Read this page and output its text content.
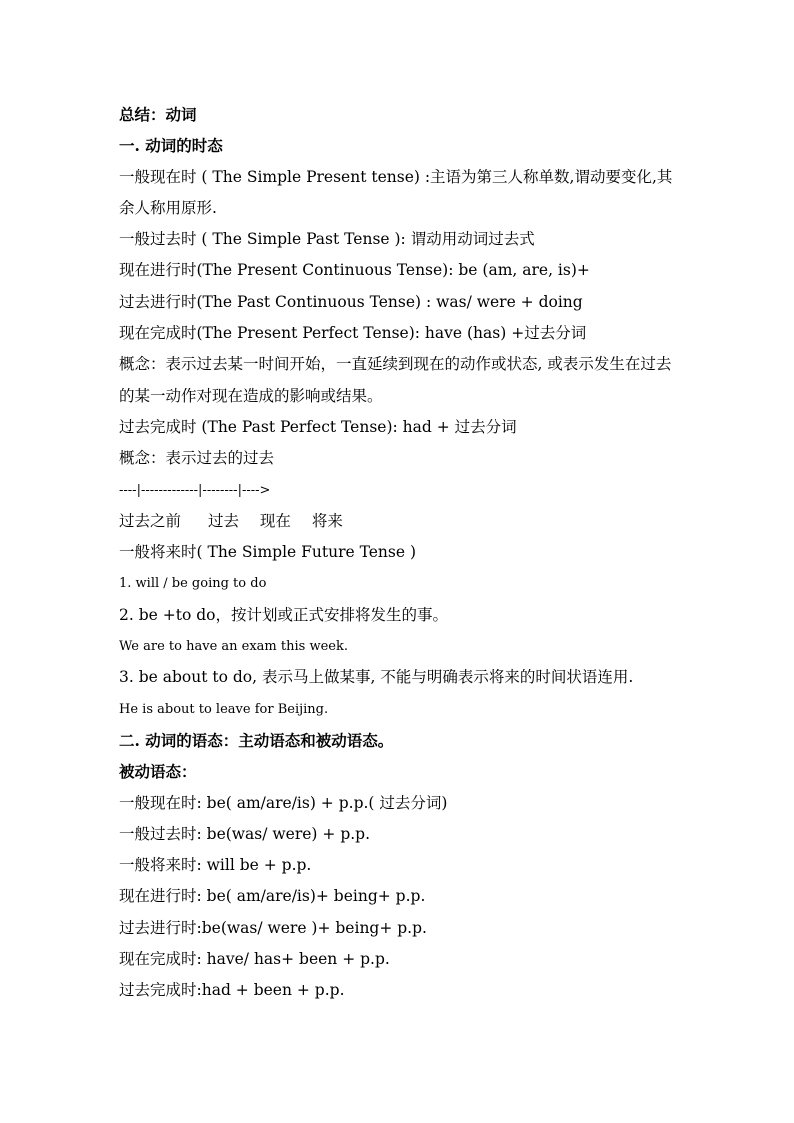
总结：动词
一. 动词的时态
一般现在时 ( The Simple Present tense) :主语为第三人称单数,谓动要变化,其余人称用原形.
一般过去时 ( The Simple Past Tense ): 谓动用动词过去式
现在进行时(The Present Continuous Tense): be (am, are, is)+
过去进行时(The Past Continuous Tense) : was/ were + doing
现在完成时(The Present Perfect Tense): have (has) +过去分词
概念：表示过去某一时间开始，一直延续到现在的动作或状态, 或表示发生在过去的某一动作对现在造成的影响或结果。
过去完成时 (The Past Perfect Tense): had + 过去分词
概念：表示过去的过去
----|-------------|--------|---->
过去之前 过去 现在 将来
一般将来时( The Simple Future Tense )
1. will / be going to do
2. be +to do，按计划或正式安排将发生的事。
We are to have an exam this week.
3. be about to do, 表示马上做某事, 不能与明确表示将来的时间状语连用.
He is about to leave for Beijing.
二. 动词的语态：主动语态和被动语态。
被动语态：
一般现在时: be( am/are/is) + p.p.( 过去分词)
一般过去时: be(was/ were) + p.p.
一般将来时: will be + p.p.
现在进行时: be( am/are/is)+ being+ p.p.
过去进行时:be(was/ were )+ being+ p.p.
现在完成时: have/ has+ been + p.p.
过去完成时:had + been + p.p.
